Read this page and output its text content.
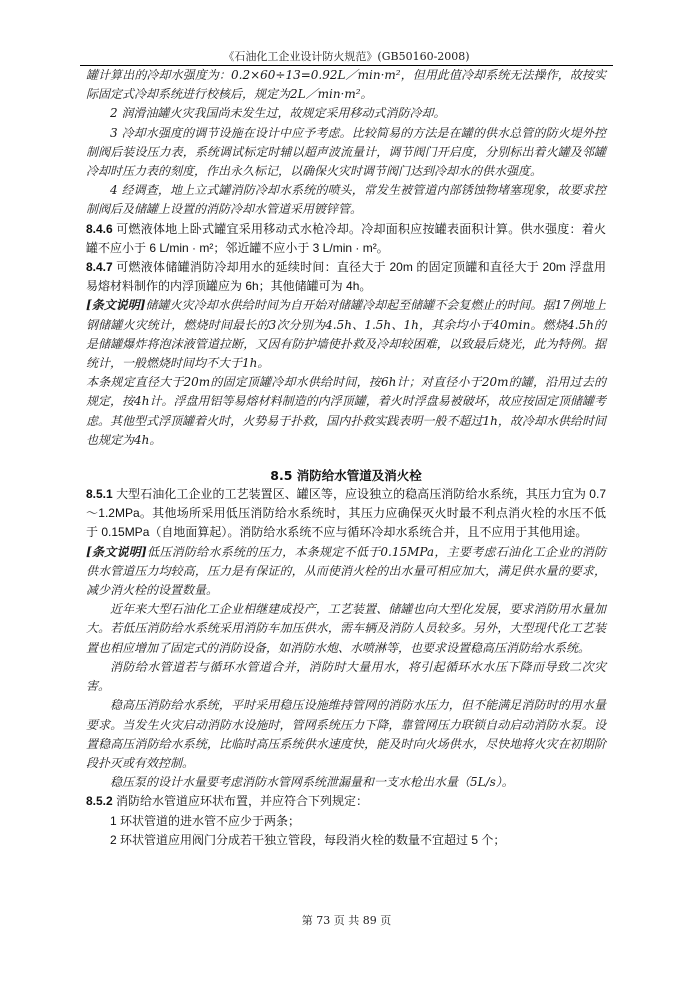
《石油化工企业设计防火规范》(GB50160-2008)

罐计算出的冷却水强度为：0.2×60÷13=0.92L／min·m²，但用此值冷却系统无法操作，故按实际固定式冷却系统进行校核后，规定为2L／min·m²。

2 润滑油罐火灾我国尚未发生过，故规定采用移动式消防冷却。

3 冷却水强度的调节设施在设计中应予考虑。比较简易的方法是在罐的供水总管的防火堤外控制阀后装设压力表，系统调试标定时辅以超声波流量计，调节阀门开启度，分别标出着火罐及邻罐冷却时压力表的刻度，作出永久标记，以确保火灾时调节阀门达到冷却水的供水强度。

4 经调查，地上立式罐消防冷却水系统的喷头，常发生被管道内部锈蚀物堵塞现象，故要求控制阀后及储罐上设置的消防冷却水管道采用镀锌管。

8.4.6 可燃液体地上卧式罐宜采用移动式水枪冷却。冷却面积应按罐表面积计算。供水强度：着火罐不应小于 6 L/min · m²；邻近罐不应小于 3 L/min · m²。

8.4.7 可燃液体储罐消防冷却用水的延续时间：直径大于 20m 的固定顶罐和直径大于 20m 浮盘用易熔材料制作的内浮顶罐应为 6h；其他储罐可为 4h。

[条文说明]储罐火灾冷却水供给时间为自开始对储罐冷却起至储罐不会复燃止的时间。据17例地上钢储罐火灾统计，燃烧时间最长的3次分别为4.5h、1.5h、1h，其余均小于40min。燃烧4.5h的是储罐爆炸将泡沫液管道拉断，又因有防护墙使扑救及冷却较困难，以致最后烧光，此为特例。据统计，一般燃烧时间均不大于1h。

本条规定直径大于20m的固定顶罐冷却水供给时间，按6h计；对直径小于20m的罐，沿用过去的规定，按4h计。浮盘用铝等易熔材料制造的内浮顶罐，着火时浮盘易被破坏，故应按固定顶储罐考虑。其他型式浮顶罐着火时，火势易于扑救，国内扑救实践表明一般不超过1h，故冷却水供给时间也规定为4h。

8.5 消防给水管道及消火栓

8.5.1 大型石油化工企业的工艺装置区、罐区等，应设独立的稳高压消防给水系统，其压力宜为 0.7～1.2MPa。其他场所采用低压消防给水系统时，其压力应确保灭火时最不利点消火栓的水压不低于 0.15MPa（自地面算起）。消防给水系统不应与循环冷却水系统合并，且不应用于其他用途。

[条文说明]低压消防给水系统的压力，本条规定不低于0.15MPa，主要考虑石油化工企业的消防供水管道压力均较高，压力是有保证的，从而使消火栓的出水量可相应加大，满足供水量的要求，减少消火栓的设置数量。

近年来大型石油化工企业相继建成投产，工艺装置、储罐也向大型化发展，要求消防用水量加大。若低压消防给水系统采用消防车加压供水，需车辆及消防人员较多。另外，大型现代化工艺装置也相应增加了固定式的消防设备，如消防水炮、水喷淋等，也要求设置稳高压消防给水系统。

消防给水管道若与循环水管道合并，消防时大量用水，将引起循环水水压下降而导致二次灾害。

稳高压消防给水系统，平时采用稳压设施维持管网的消防水压力，但不能满足消防时的用水量要求。当发生火灾启动消防水设施时，管网系统压力下降，靠管网压力联锁自动启动消防水泵。设置稳高压消防给水系统，比临时高压系统供水速度快，能及时向火场供水，尽快地将火灾在初期阶段扑灭或有效控制。

稳压泵的设计水量要考虑消防水管网系统泄漏量和一支水枪出水量（5L/s）。

8.5.2 消防给水管道应环状布置，并应符合下列规定：

1 环状管道的进水管不应少于两条；

2 环状管道应用阀门分成若干独立管段，每段消火栓的数量不宜超过 5 个；

第 73 页 共 89 页
